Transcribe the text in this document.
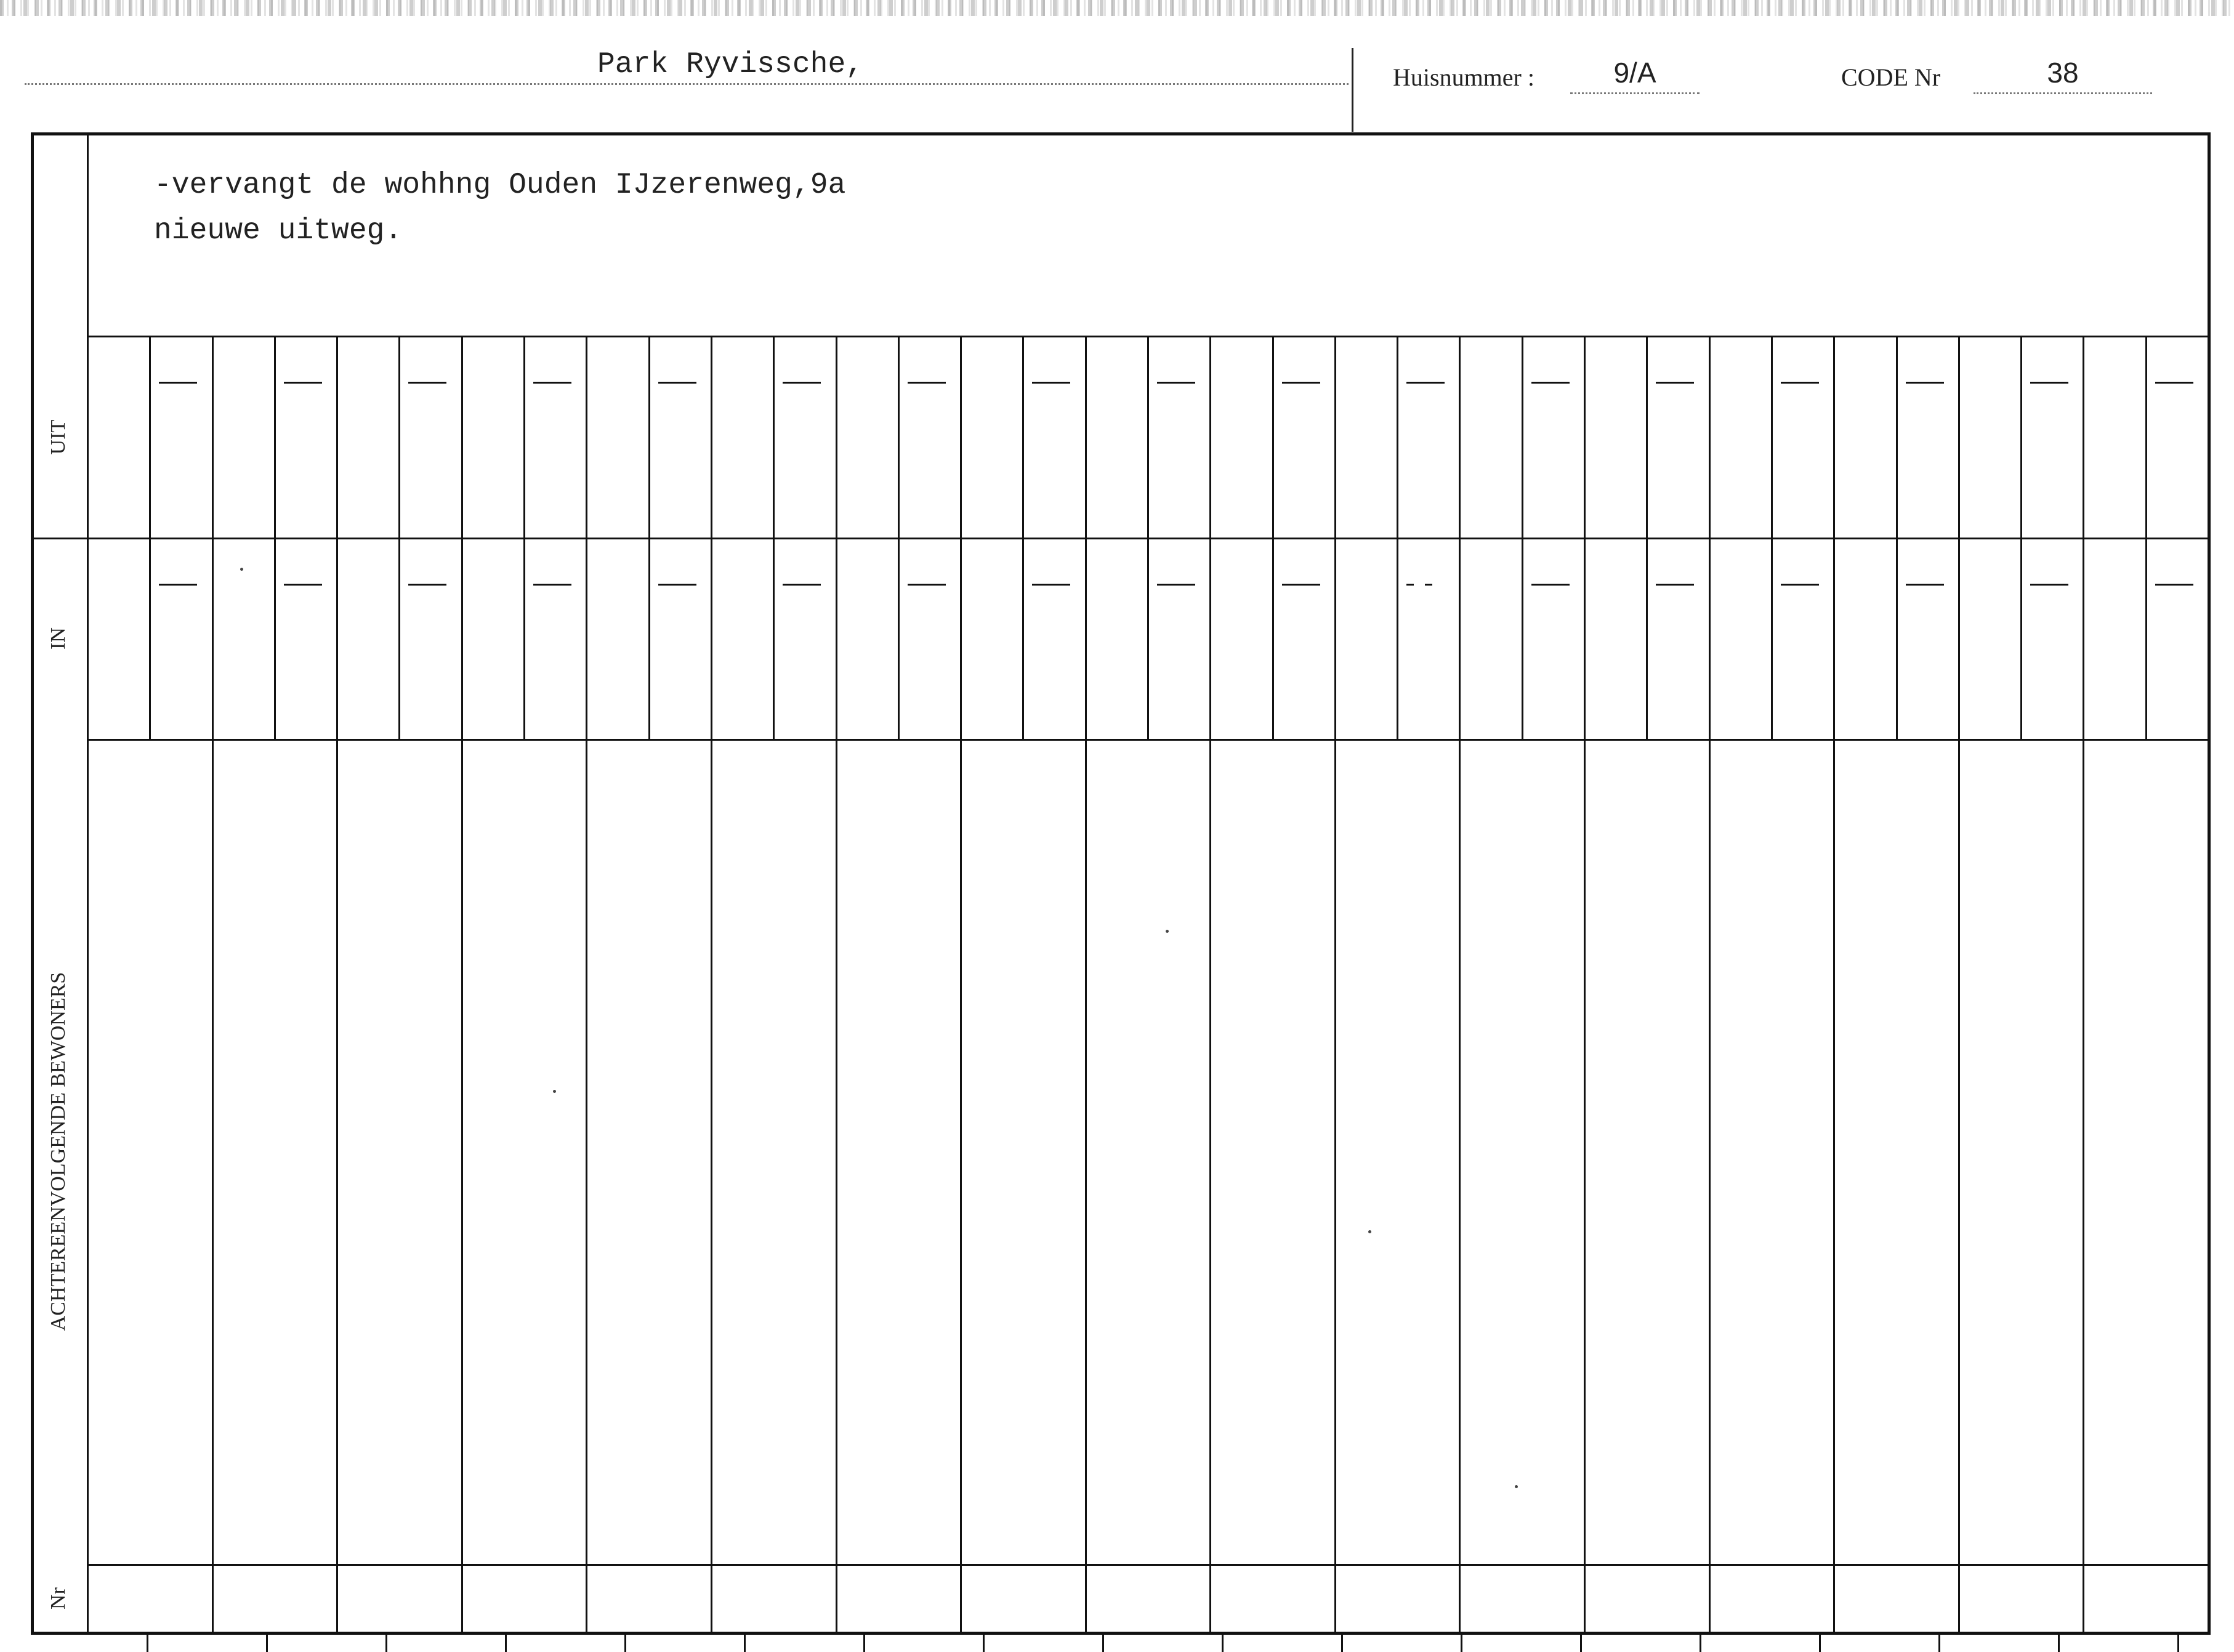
Park Ryvissche,	Huisnummer :	9/A	CODE Nr	38
-vervangt de wohhng Ouden IJzerenweg,9a
nieuwe uitweg.
UIT
IN
ACHTEREENVOLGENDE BEWONERS
Nr
